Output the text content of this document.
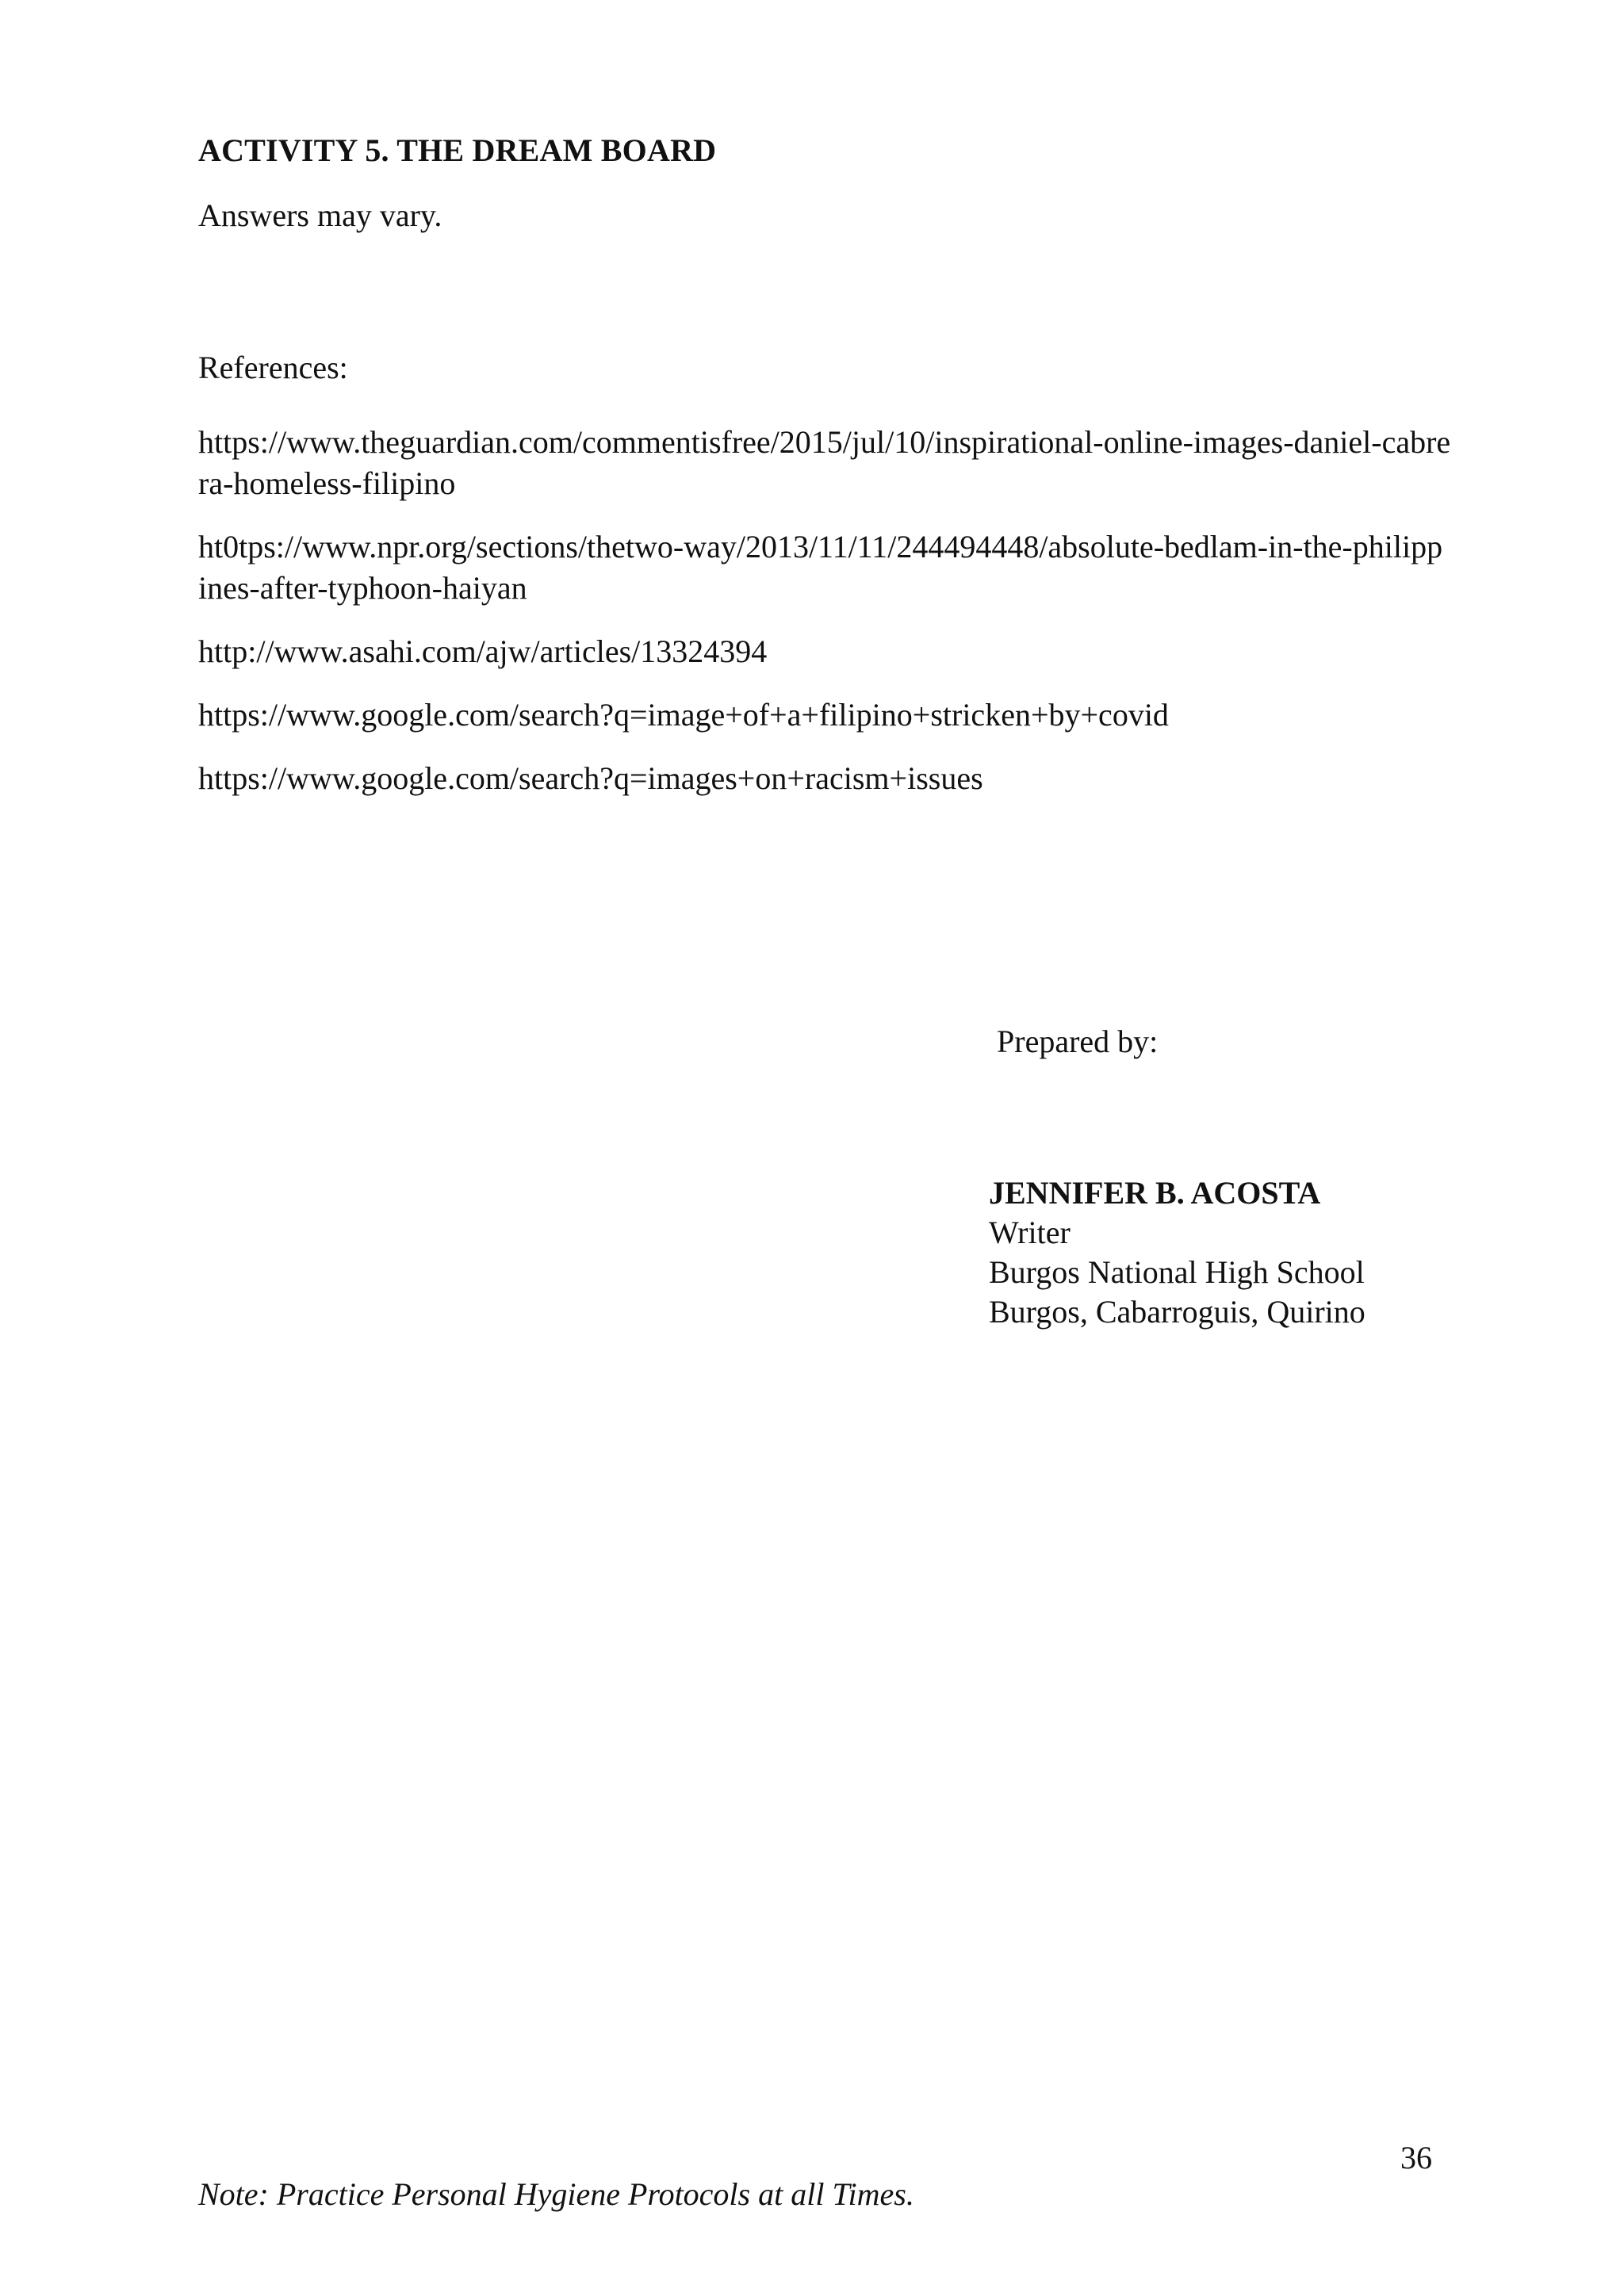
ACTIVITY 5. THE DREAM BOARD
Answers may vary.
References:
https://www.theguardian.com/commentisfree/2015/jul/10/inspirational-online-images-daniel-cabrera-homeless-filipino
ht0tps://www.npr.org/sections/thetwo-way/2013/11/11/244494448/absolute-bedlam-in-the-philippines-after-typhoon-haiyan
http://www.asahi.com/ajw/articles/13324394
https://www.google.com/search?q=image+of+a+filipino+stricken+by+covid
https://www.google.com/search?q=images+on+racism+issues
Prepared by:
JENNIFER B. ACOSTA
Writer
Burgos National High School
Burgos, Cabarroguis, Quirino
36
Note: Practice Personal Hygiene Protocols at all Times.
